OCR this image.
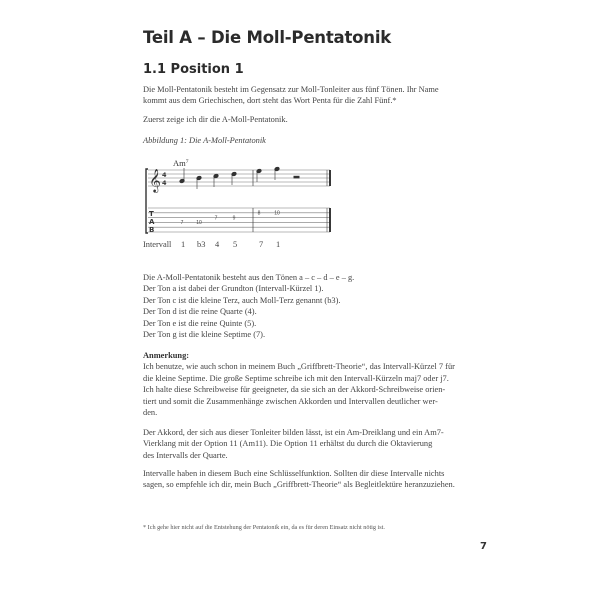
Teil A – Die Moll-Pentatonik
1.1 Position 1
Die Moll-Pentatonik besteht im Gegensatz zur Moll-Tonleiter aus fünf Tönen. Ihr Name
kommt aus dem Griechischen, dort steht das Wort Penta für die Zahl Fünf.*
Zuerst zeige ich dir die A-Moll-Pentatonik.
Abbildung 1: Die A-Moll-Pentatonik
Am$^7$
𝄞 4
4
T
A
B
7	10
7	9
8	10
Intervall 1 b3 4 5	7 1
Die A-Moll-Pentatonik besteht aus den Tönen a – c – d – e – g.
Der Ton a ist dabei der Grundton (Intervall-Kürzel 1).
Der Ton c ist die kleine Terz, auch Moll-Terz genannt (b3).
Der Ton d ist die reine Quarte (4).
Der Ton e ist die reine Quinte (5).
Der Ton g ist die kleine Septime (7).
Anmerkung:
Ich benutze, wie auch schon in meinem Buch „Griffbrett-Theorie“, das Intervall-Kürzel 7 für
die kleine Septime. Die große Septime schreibe ich mit den Intervall-Kürzeln maj7 oder j7.
Ich halte diese Schreibweise für geeigneter, da sie sich an der Akkord-Schreibweise orien-
tiert und somit die Zusammenhänge zwischen Akkorden und Intervallen deutlicher wer-
den.
Der Akkord, der sich aus dieser Tonleiter bilden lässt, ist ein Am-Dreiklang und ein Am7-
Vierklang mit der Option 11 (Am11). Die Option 11 erhältst du durch die Oktavierung
des Intervalls der Quarte.
Intervalle haben in diesem Buch eine Schlüsselfunktion. Sollten dir diese Intervalle nichts
sagen, so empfehle ich dir, mein Buch „Griffbrett-Theorie“ als Begleitlektüre heranzuziehen.
* Ich gehe hier nicht auf die Entstehung der Pentatonik ein, da es für deren Einsatz nicht nötig ist.
7
